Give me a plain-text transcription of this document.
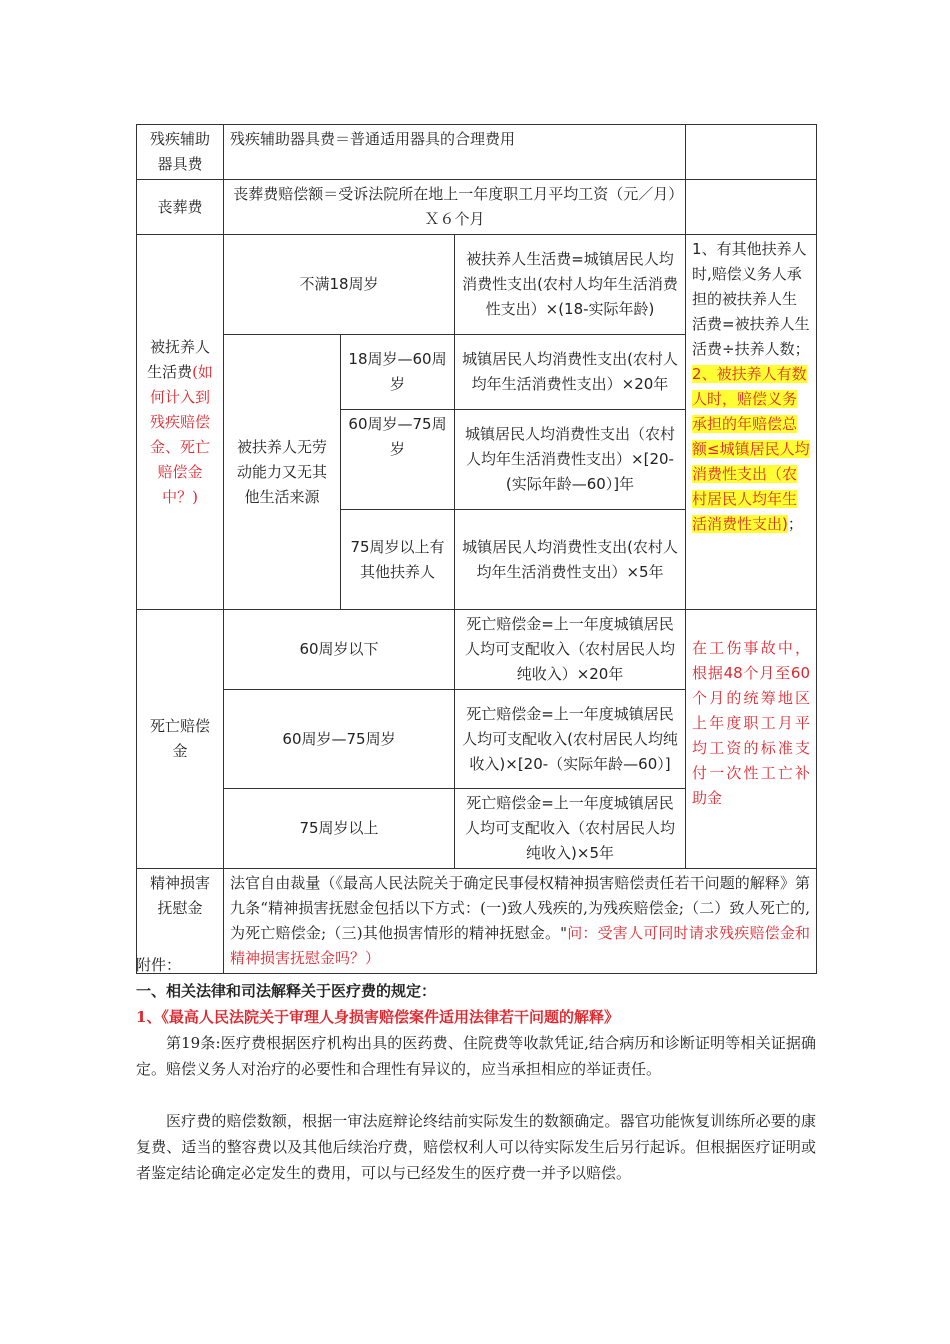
残疾辅助器具费	残疾辅助器具费＝普通适用器具的合理费用			
丧葬费	丧葬费赔偿额＝受诉法院所在地上一年度职工月平均工资（元／月）Ｘ６个月			
被抚养人生活费(如何计入到残疾赔偿金、死亡赔偿金中？)	不满18周岁		被扶养人生活费=城镇居民人均消费性支出(农村人均年生活消费性支出）×(18-实际年龄)	1、有其他扶养人时,赔偿义务人承担的被扶养人生活费=被扶养人生活费÷扶养人数；2、被扶养人有数人时，赔偿义务承担的年赔偿总额≤城镇居民人均消费性支出（农村居民人均年生活消费性支出)；
	被扶养人无劳动能力又无其他生活来源	18周岁—60周岁	城镇居民人均消费性支出(农村人均年生活消费性支出）×20年	
		60周岁—75周岁	城镇居民人均消费性支出（农村人均年生活消费性支出）×[20-(实际年龄—60）]年	
		75周岁以上有其他扶养人	城镇居民人均消费性支出(农村人均年生活消费性支出）×5年	
死亡赔偿金	60周岁以下		死亡赔偿金=上一年度城镇居民人均可支配收入（农村居民人均纯收入）×20年	在工伤事故中，根据48个月至60个月的统筹地区上年度职工月平均工资的标准支付一次性工亡补助金
	60周岁—75周岁		死亡赔偿金=上一年度城镇居民人均可支配收入(农村居民人均纯收入)×[20-（实际年龄—60）]	
	75周岁以上		死亡赔偿金=上一年度城镇居民人均可支配收入（农村居民人均纯收入)×5年	
精神损害抚慰金	法官自由裁量（《最高人民法院关于确定民事侵权精神损害赔偿责任若干问题的解释》第九条“精神损害抚慰金包括以下方式：(一)致人残疾的,为残疾赔偿金;（二）致人死亡的,为死亡赔偿金;（三)其他损害情形的精神抚慰金。"问：受害人可同时请求残疾赔偿金和精神损害抚慰金吗？）			
附件：
一、相关法律和司法解释关于医疗费的规定：
1、《最高人民法院关于审理人身损害赔偿案件适用法律若干问题的解释》
第19条:医疗费根据医疗机构出具的医药费、住院费等收款凭证,结合病历和诊断证明等相关证据确定。赔偿义务人对治疗的必要性和合理性有异议的，应当承担相应的举证责任。
医疗费的赔偿数额，根据一审法庭辩论终结前实际发生的数额确定。器官功能恢复训练所必要的康复费、适当的整容费以及其他后续治疗费，赔偿权利人可以待实际发生后另行起诉。但根据医疗证明或者鉴定结论确定必定发生的费用，可以与已经发生的医疗费一并予以赔偿。
